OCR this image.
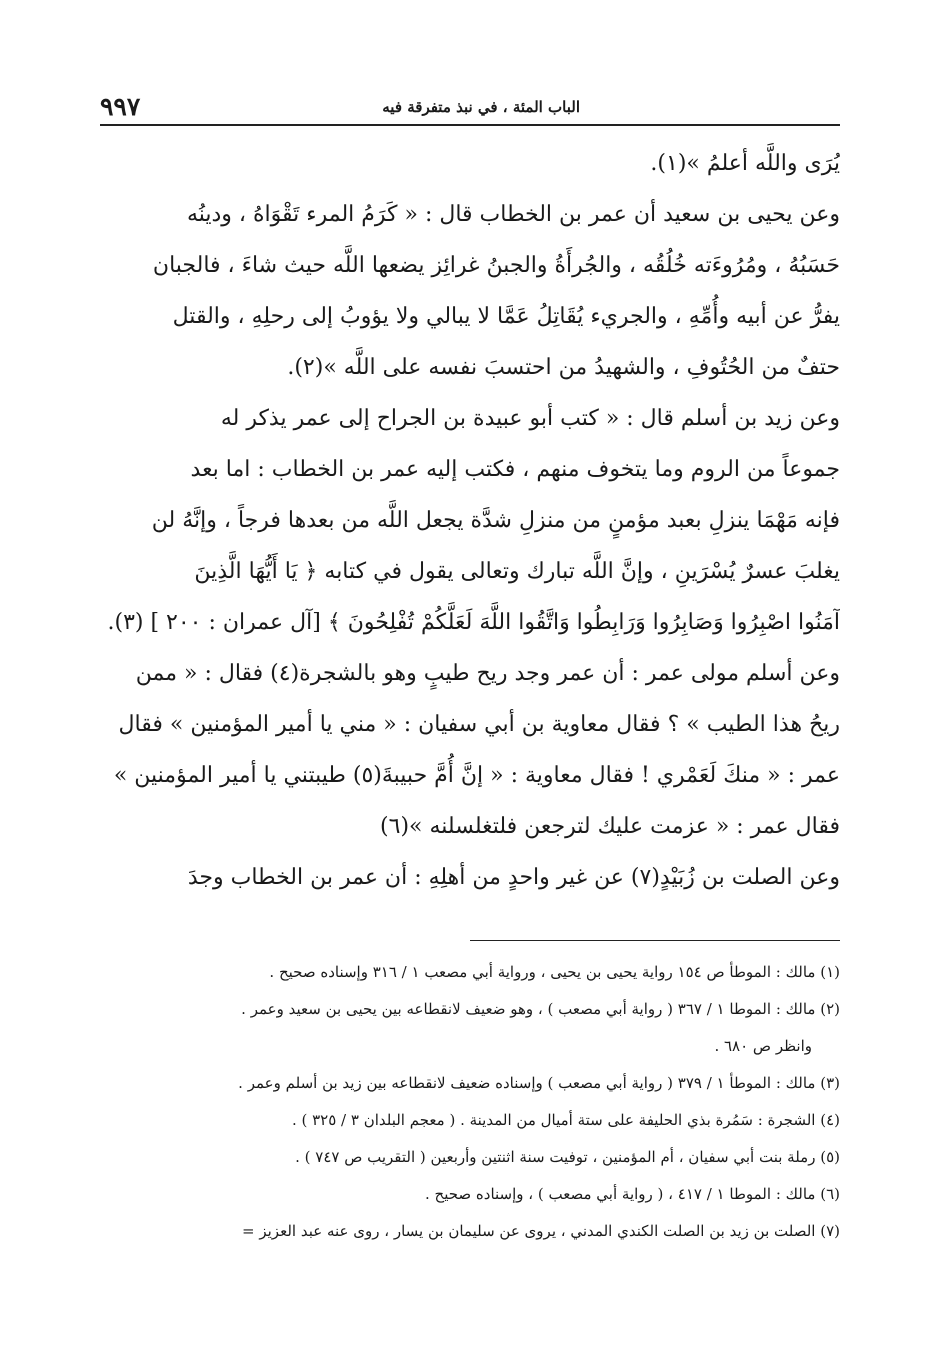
الباب المئة ، في نبذ متفرقة فيه
٩٩٧
يُرَى واللَّه أعلمُ »(١).
وعن يحيى بن سعيد أن عمر بن الخطاب قال : « كَرَمُ المرء تَقْوَاهُ ، ودينُه
حَسَبُهُ ، ومُرُوءَته خُلُقُه ، والجُرأَةُ والجبنُ غرائِز يضعها اللَّه حيث شاءَ ، فالجبان
يفرُّ عن أبيه وأُمِّهِ ، والجريء يُقَاتِلُ عَمَّا لا يبالي ولا يؤوبُ إلى رحلِهِ ، والقتل
حتفٌ من الحُتُوفِ ، والشهيدُ من احتسبَ نفسه على اللَّه »(٢).
وعن زيد بن أسلم قال : « كتب أبو عبيدة بن الجراح إلى عمر يذكر له
جموعاً من الروم وما يتخوف منهم ، فكتب إليه عمر بن الخطاب : اما بعد
فإنه مَهْمَا ينزلِ بعبد مؤمنٍ من منزلِ شدَّة يجعل اللَّه من بعدها فرجاً ، وإنَّهُ لن
يغلبَ عسرٌ يُسْرَينِ ، وإنَّ اللَّه تبارك وتعالى يقول في كتابه ﴿ يَا أَيُّهَا الَّذِينَ
آمَنُوا اصْبِرُوا وَصَابِرُوا وَرَابِطُوا وَاتَّقُوا اللَّهَ لَعَلَّكُمْ تُفْلِحُونَ ﴾ [آل عمران : ٢٠٠ ] (٣).
وعن أسلم مولى عمر : أن عمر وجد ريح طيبٍ وهو بالشجرة(٤) فقال : « ممن
ريحُ هذا الطيب » ؟ فقال معاوية بن أبي سفيان : « مني يا أمير المؤمنين » فقال
عمر : « منكَ لَعَمْري ! فقال معاوية : « إنَّ أُمَّ حبيبةَ(٥) طيبتني يا أمير المؤمنين »
فقال عمر : « عزمت عليك لترجعن فلتغلسلنه »(٦)
وعن الصلت بن زُبَيْدٍ(٧) عن غير واحدٍ من أهلِهِ : أن عمر بن الخطاب وجدَ
(١) مالك : الموطأ ص ١٥٤ رواية يحيى بن يحيى ، ورواية أبي مصعب ١ / ٣١٦ وإسناده صحيح .
(٢) مالك : الموطا ١ / ٣٦٧ ( رواية أبي مصعب ) ، وهو ضعيف لانقطاعه بين يحيى بن سعيد وعمر .
وانظر ص ٦٨٠ .
(٣) مالك : الموطأ ١ / ٣٧٩ ( رواية أبي مصعب ) وإسناده ضعيف لانقطاعه بين زيد بن أسلم وعمر .
(٤) الشجرة : سَمُرة بذي الحليفة على ستة أميال من المدينة . ( معجم البلدان ٣ / ٣٢٥ ) .
(٥) رملة بنت أبي سفيان ، أم المؤمنين ، توفيت سنة اثنتين وأربعين ( التقريب ص ٧٤٧ ) .
(٦) مالك : الموطا ١ / ٤١٧ ، ( رواية أبي مصعب ) ، وإسناده صحيح .
(٧) الصلت بن زيد بن الصلت الكندي المدني ، يروى عن سليمان بن يسار ، روى عنه عبد العزيز =
